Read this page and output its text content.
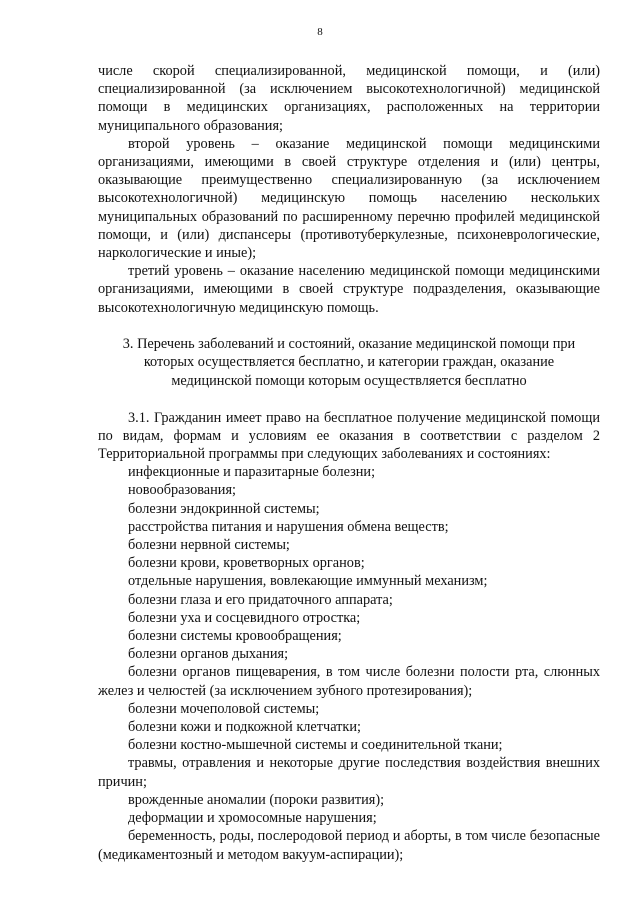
8

числе скорой специализированной, медицинской помощи, и (или) специализированной (за исключением высокотехнологичной) медицинской помощи в медицинских организациях, расположенных на территории муниципального образования;

второй уровень – оказание медицинской помощи медицинскими организациями, имеющими в своей структуре отделения и (или) центры, оказывающие преимущественно специализированную (за исключением высокотехнологичной) медицинскую помощь населению нескольких муниципальных образований по расширенному перечню профилей медицинской помощи, и (или) диспансеры (противотуберкулезные, психоневрологические, наркологические и иные);

третий уровень – оказание населению медицинской помощи медицинскими организациями, имеющими в своей структуре подразделения, оказывающие высокотехнологичную медицинскую помощь.

3. Перечень заболеваний и состояний, оказание медицинской помощи при
которых осуществляется бесплатно, и категории граждан, оказание
медицинской помощи которым осуществляется бесплатно

3.1. Гражданин имеет право на бесплатное получение медицинской помощи по видам, формам и условиям ее оказания в соответствии с разделом 2 Территориальной программы при следующих заболеваниях и состояниях:

инфекционные и паразитарные болезни;

новообразования;

болезни эндокринной системы;

расстройства питания и нарушения обмена веществ;

болезни нервной системы;

болезни крови, кроветворных органов;

отдельные нарушения, вовлекающие иммунный механизм;

болезни глаза и его придаточного аппарата;

болезни уха и сосцевидного отростка;

болезни системы кровообращения;

болезни органов дыхания;

болезни органов пищеварения, в том числе болезни полости рта, слюнных желез и челюстей (за исключением зубного протезирования);

болезни мочеполовой системы;

болезни кожи и подкожной клетчатки;

болезни костно-мышечной системы и соединительной ткани;

травмы, отравления и некоторые другие последствия воздействия внешних причин;

врожденные аномалии (пороки развития);

деформации и хромосомные нарушения;

беременность, роды, послеродовой период и аборты, в том числе безопасные (медикаментозный и методом вакуум-аспирации);
